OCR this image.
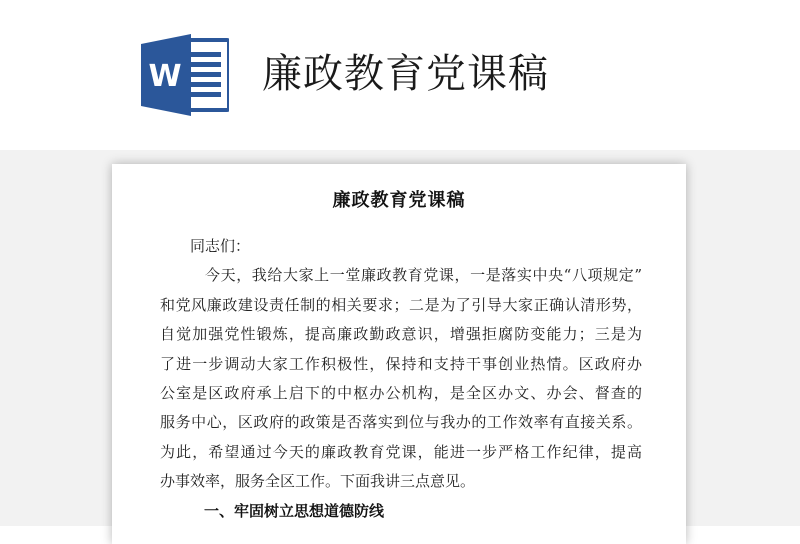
W 廉政教育党课稿
廉政教育党课稿
同志们：
今天，我给大家上一堂廉政教育党课，一是落实中央“八项规定”
和党风廉政建设责任制的相关要求；二是为了引导大家正确认清形势，
自觉加强党性锻炼，提高廉政勤政意识，增强拒腐防变能力；三是为
了进一步调动大家工作积极性，保持和支持干事创业热情。区政府办
公室是区政府承上启下的中枢办公机构，是全区办文、办会、督查的
服务中心，区政府的政策是否落实到位与我办的工作效率有直接关系。
为此，希望通过今天的廉政教育党课，能进一步严格工作纪律，提高
办事效率，服务全区工作。下面我讲三点意见。
一、牢固树立思想道德防线
